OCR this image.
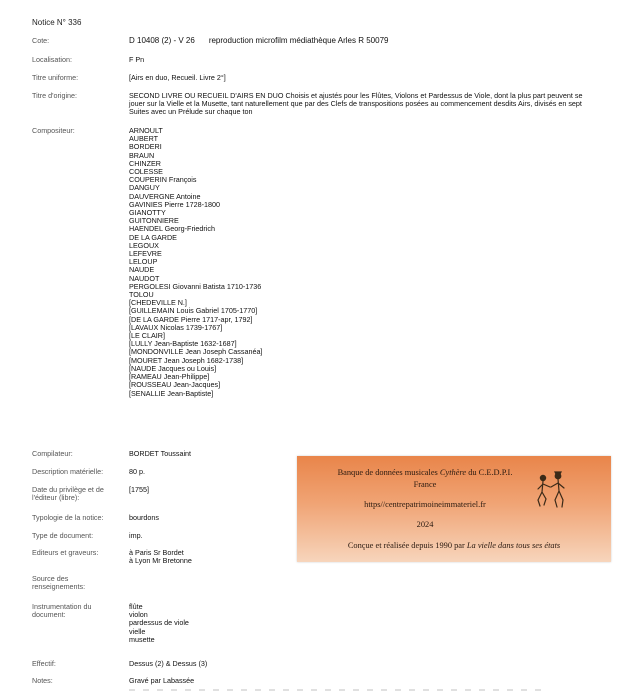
Notice N° 336
Cote:	D 10408 (2) - V 26 reproduction microfilm médiathèque Arles R 50079
Localisation:	F Pn
Titre uniforme:	[Airs en duo, Recueil. Livre 2°]
Titre d'origine:	SECOND LIVRE OU RECUEIL D'AIRS EN DUO Choisis et ajustés pour les Flûtes, Violons et Pardessus de Viole, dont la plus part peuvent se jouer sur la Vielle et la Musette, tant naturellement que par des Clefs de transpositions posées au commencement desdits Airs, divisés en sept Suites avec un Prélude sur chaque ton
Compositeur:	ARNOULT
AUBERT
BORDERI
BRAUN
CHINZER
COLESSE
COUPERIN François
DANGUY
DAUVERGNE Antoine
GAVINIES Pierre 1728-1800
GIANOTTY
GUITONNIERE
HAENDEL Georg-Friedrich
DE LA GARDE
LEGOUX
LEFEVRE
LELOUP
NAUDE
NAUDOT
PERGOLESI Giovanni Batista 1710-1736
TOLOU
[CHEDEVILLE N.]
[GUILLEMAIN Louis Gabriel 1705-1770]
[DE LA GARDE Pierre 1717-apr, 1792]
[LAVAUX Nicolas 1739-1767]
[LE CLAIR]
[LULLY Jean-Baptiste 1632-1687]
[MONDONVILLE Jean Joseph Cassanéa]
[MOURET Jean Joseph 1682-1738]
[NAUDE Jacques ou Louis]
[RAMEAU Jean-Philippe]
[ROUSSEAU Jean-Jacques]
[SENALLIE Jean-Baptiste]
Compilateur:	BORDET Toussaint
Description matérielle:	80 p.
Date du privilège et de l'éditeur (libre):
[1755]
Typologie de la notice:	bourdons
Type de document:	imp.
Editeurs et graveurs:	à Paris Sr Bordet
à Lyon Mr Bretonne
Source des renseignements:
Instrumentation du document:
flûte
violon
pardessus de viole
vielle
musette
Effectif:	Dessus (2) & Dessus (3)
Notes:	Gravé par Labassée
Banque de données musicales Cythère du C.E.D.P.I.
France
https//centrepatrimoineimmateriel.fr
2024
Conçue et réalisée depuis 1990 par La vielle dans tous ses états
